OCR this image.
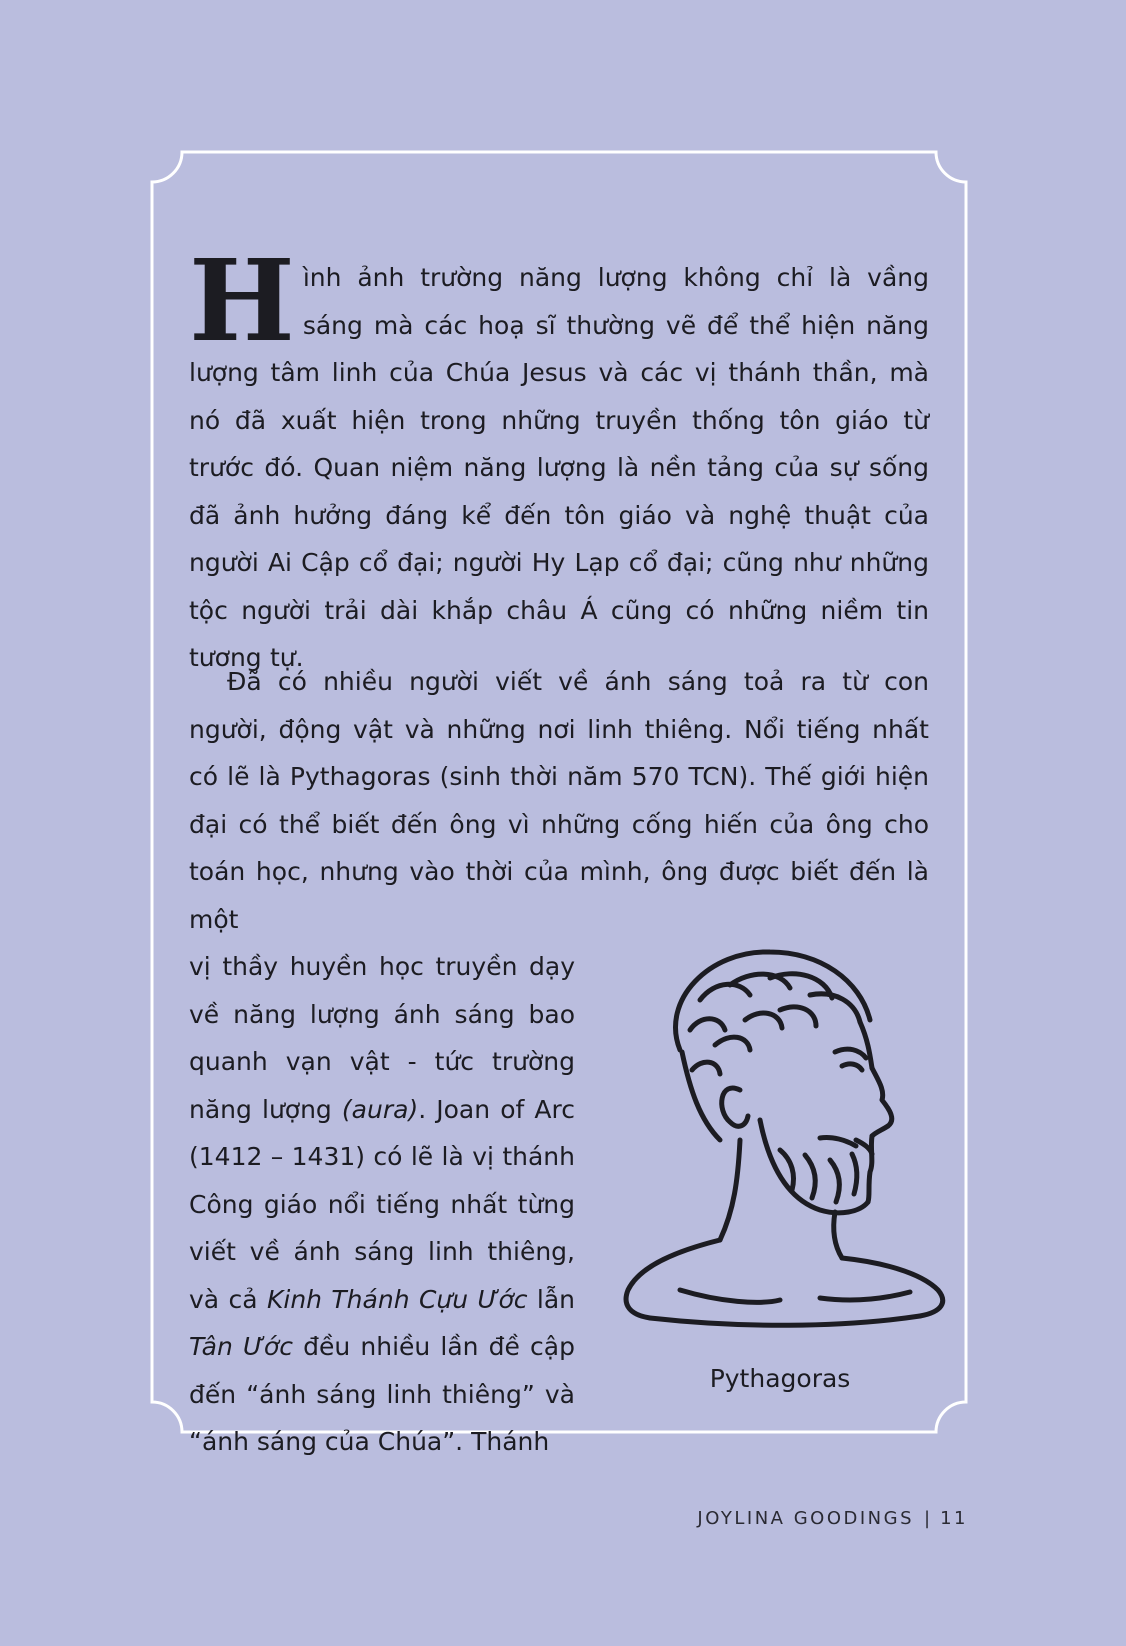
Hình ảnh trường năng lượng không chỉ là vầng sáng mà các hoạ sĩ thường vẽ để thể hiện năng lượng tâm linh của Chúa Jesus và các vị thánh thần, mà nó đã xuất hiện trong những truyền thống tôn giáo từ trước đó. Quan niệm năng lượng là nền tảng của sự sống đã ảnh hưởng đáng kể đến tôn giáo và nghệ thuật của người Ai Cập cổ đại; người Hy Lạp cổ đại; cũng như những tộc người trải dài khắp châu Á cũng có những niềm tin tương tự.

Đã có nhiều người viết về ánh sáng toả ra từ con người, động vật và những nơi linh thiêng. Nổi tiếng nhất có lẽ là Pythagoras (sinh thời năm 570 TCN). Thế giới hiện đại có thể biết đến ông vì những cống hiến của ông cho toán học, nhưng vào thời của mình, ông được biết đến là một

vị thầy huyền học truyền dạy về năng lượng ánh sáng bao quanh vạn vật - tức trường năng lượng (aura). Joan of Arc (1412 – 1431) có lẽ là vị thánh Công giáo nổi tiếng nhất từng viết về ánh sáng linh thiêng, và cả Kinh Thánh Cựu Ước lẫn Tân Ước đều nhiều lần đề cập đến “ánh sáng linh thiêng” và “ánh sáng của Chúa”. Thánh

Pythagoras
JOYLINA GOODINGS | 11
